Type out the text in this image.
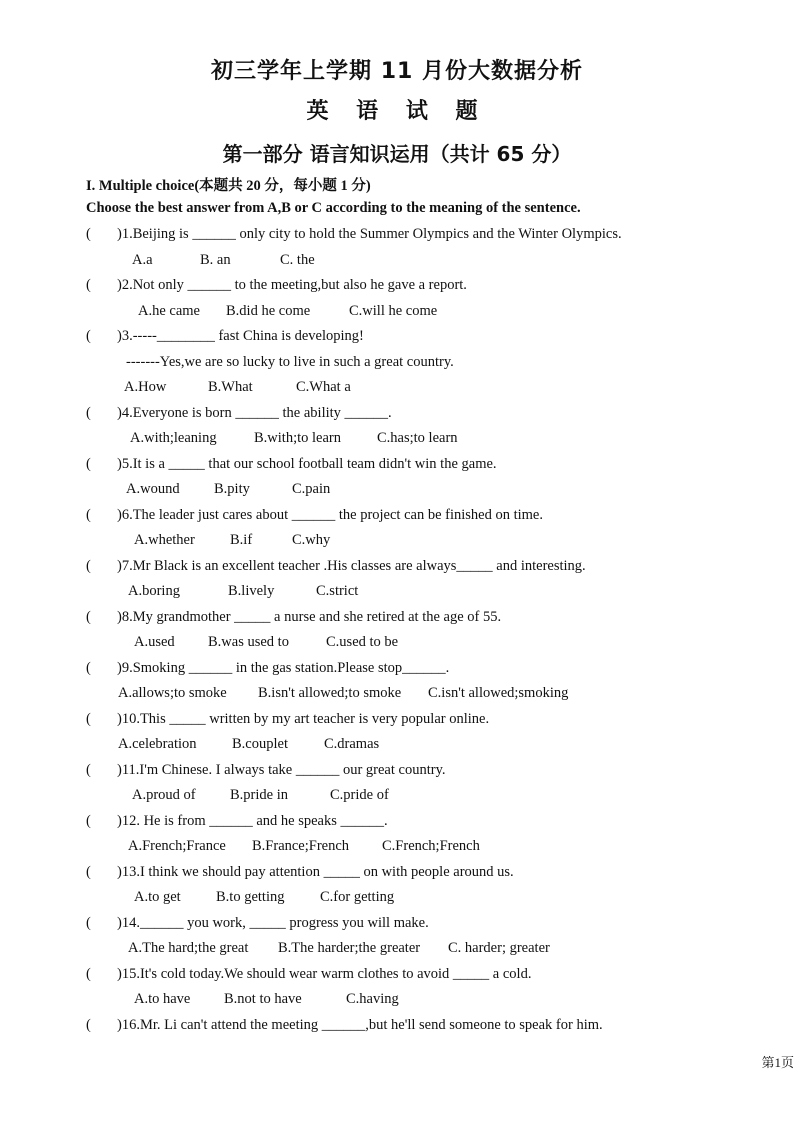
初三学年上学期 11 月份大数据分析
英 语 试 题
第一部分 语言知识运用（共计 65 分）
I. Multiple choice(本题共 20 分，每小题 1 分)
Choose the best answer from A,B or C according to the meaning of the sentence.
( )1.Beijing is ______ only city to hold the Summer Olympics and the Winter Olympics.
A.a	B. an	C. the
( )2.Not only ______ to the meeting,but also he gave a report.
A.he came B.did he come	C.will he come
( )3.-----________ fast China is developing!
-------Yes,we are so lucky to live in such a great country.
A.How	B.What	C.What a
( )4.Everyone is born ______ the ability ______.
A.with;leaning	B.with;to learn C.has;to learn
( )5.It is a _____ that our school football team didn't win the game.
A.wound B.pity	C.pain
( )6.The leader just cares about ______ the project can be finished on time.
A.whether B.if	C.why
( )7.Mr Black is an excellent teacher .His classes are always_____ and interesting.
A.boring	B.lively	C.strict
( )8.My grandmother _____ a nurse and she retired at the age of 55.
A.used B.was used to	C.used to be
( )9.Smoking ______ in the gas station.Please stop______.
A.allows;to smoke B.isn't allowed;to smoke C.isn't allowed;smoking
( )10.This _____ written by my art teacher is very popular online.
A.celebration B.couplet C.dramas
( )11.I'm Chinese. I always take ______ our great country.
A.proud of B.pride in	C.pride of
( )12. He is from ______ and he speaks ______.
A.French;France B.France;French C.French;French
( )13.I think we should pay attention _____ on with people around us.
A.to get B.to getting C.for getting
( )14.______ you work, _____ progress you will make.
A.The hard;the great B.The harder;the greater C. harder; greater
( )15.It's cold today.We should wear warm clothes to avoid _____ a cold.
A.to have B.not to have	C.having
( )16.Mr. Li can't attend the meeting ______,but he'll send someone to speak for him.
第1页
